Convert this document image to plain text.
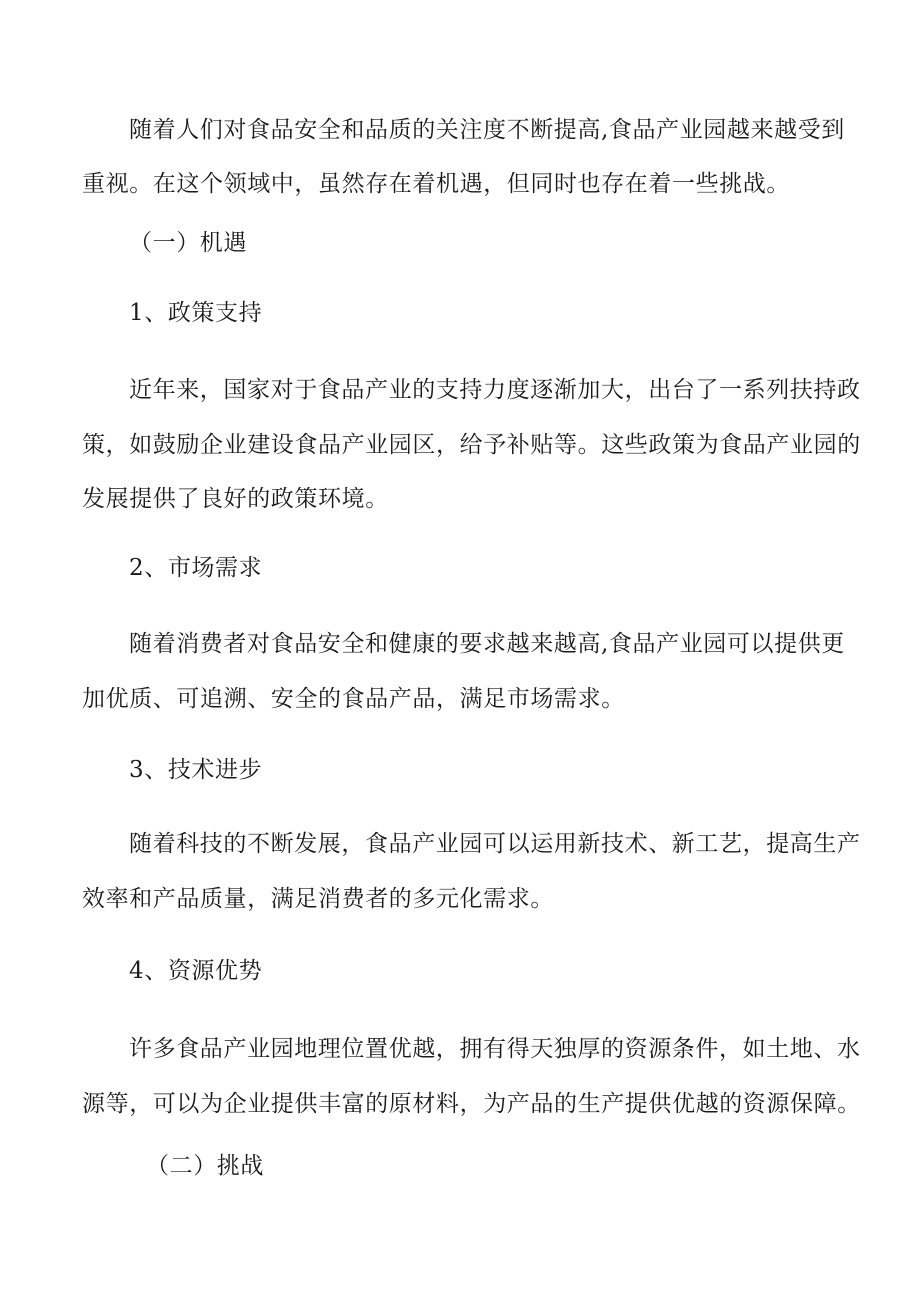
随着人们对食品安全和品质的关注度不断提高,食品产业园越来越受到
重视。在这个领域中，虽然存在着机遇，但同时也存在着一些挑战。
（一）机遇
1、政策支持
近年来，国家对于食品产业的支持力度逐渐加大，出台了一系列扶持政
策，如鼓励企业建设食品产业园区，给予补贴等。这些政策为食品产业园的
发展提供了良好的政策环境。
2、市场需求
随着消费者对食品安全和健康的要求越来越高,食品产业园可以提供更
加优质、可追溯、安全的食品产品，满足市场需求。
3、技术进步
随着科技的不断发展，食品产业园可以运用新技术、新工艺，提高生产
效率和产品质量，满足消费者的多元化需求。
4、资源优势
许多食品产业园地理位置优越，拥有得天独厚的资源条件，如土地、水
源等，可以为企业提供丰富的原材料，为产品的生产提供优越的资源保障。
（二）挑战
